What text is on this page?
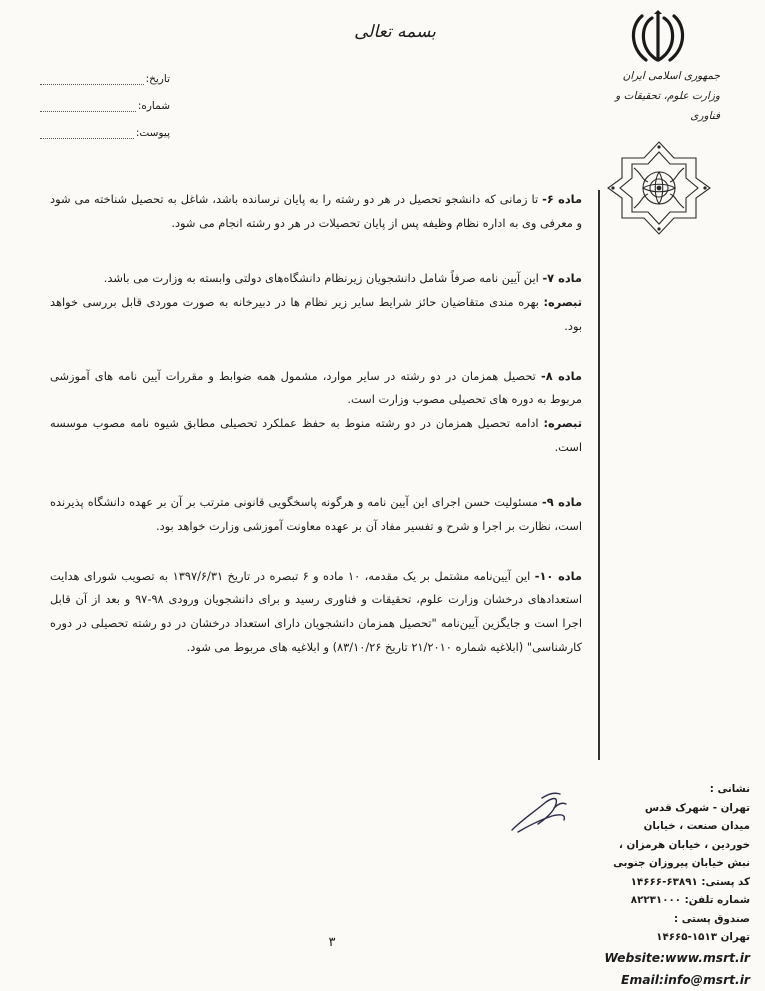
بسمه تعالی
تاریخ:
شماره:
پیوست:
جمهوری اسلامی ایران
وزارت علوم، تحقیقات و فناوری

ماده ۶- تا زمانی که دانشجو تحصیل در هر دو رشته را به پایان نرسانده باشد، شاغل به تحصیل شناخته می شود و معرفی وی به اداره نظام وظیفه پس از پایان تحصیلات در هر دو رشته انجام می شود.

ماده ۷- این آیین نامه صرفاً شامل دانشجویان زیرنظام دانشگاه‌های دولتی وابسته به وزارت می باشد.

تبصره: بهره مندی متقاضیان حائز شرایط سایر زیر نظام ها در دبیرخانه به صورت موردی قابل بررسی خواهد بود.

ماده ۸- تحصیل همزمان در دو رشته در سایر موارد، مشمول همه ضوابط و مقررات آیین نامه های آموزشی مربوط به دوره های تحصیلی مصوب وزارت است.

تبصره: ادامه تحصیل همزمان در دو رشته منوط به حفظ عملکرد تحصیلی مطابق شیوه نامه مصوب موسسه است.

ماده ۹- مسئولیت حسن اجرای این آیین نامه و هرگونه پاسخگویی قانونی مترتب بر آن بر عهده دانشگاه پذیرنده است، نظارت بر اجرا و شرح و تفسیر مفاد آن بر عهده معاونت آموزشی وزارت خواهد بود.

ماده ۱۰- این آیین‌نامه مشتمل بر یک مقدمه، ۱۰ ماده و ۶ تبصره در تاریخ ۱۳۹۷/۶/۳۱ به تصویب شورای هدایت استعدادهای درخشان وزارت علوم، تحقیقات و فناوری رسید و برای دانشجویان ورودی ۹۸-۹۷ و بعد از آن قابل اجرا است و جایگزین آیین‌نامه "تحصیل همزمان دانشجویان دارای استعداد درخشان در دو رشته تحصیلی در دوره کارشناسی" (ابلاغیه شماره ۲۱/۲۰۱۰ تاریخ ۸۳/۱۰/۲۶) و ابلاغیه های مربوط می شود.

نشانی :
تهران - شهرک قدس
میدان صنعت ، خیابان
خوردین ، خیابان هرمزان ،
نبش خیابان پیروزان جنوبی
کد پستی: ۶۳۸۹۱-۱۴۶۶۶
شماره تلفن: ۸۲۲۳۱۰۰۰
صندوق پستی :
تهران ۱۵۱۳-۱۴۶۶۵
Website:www.msrt.ir
Email:info@msrt.ir
۳
